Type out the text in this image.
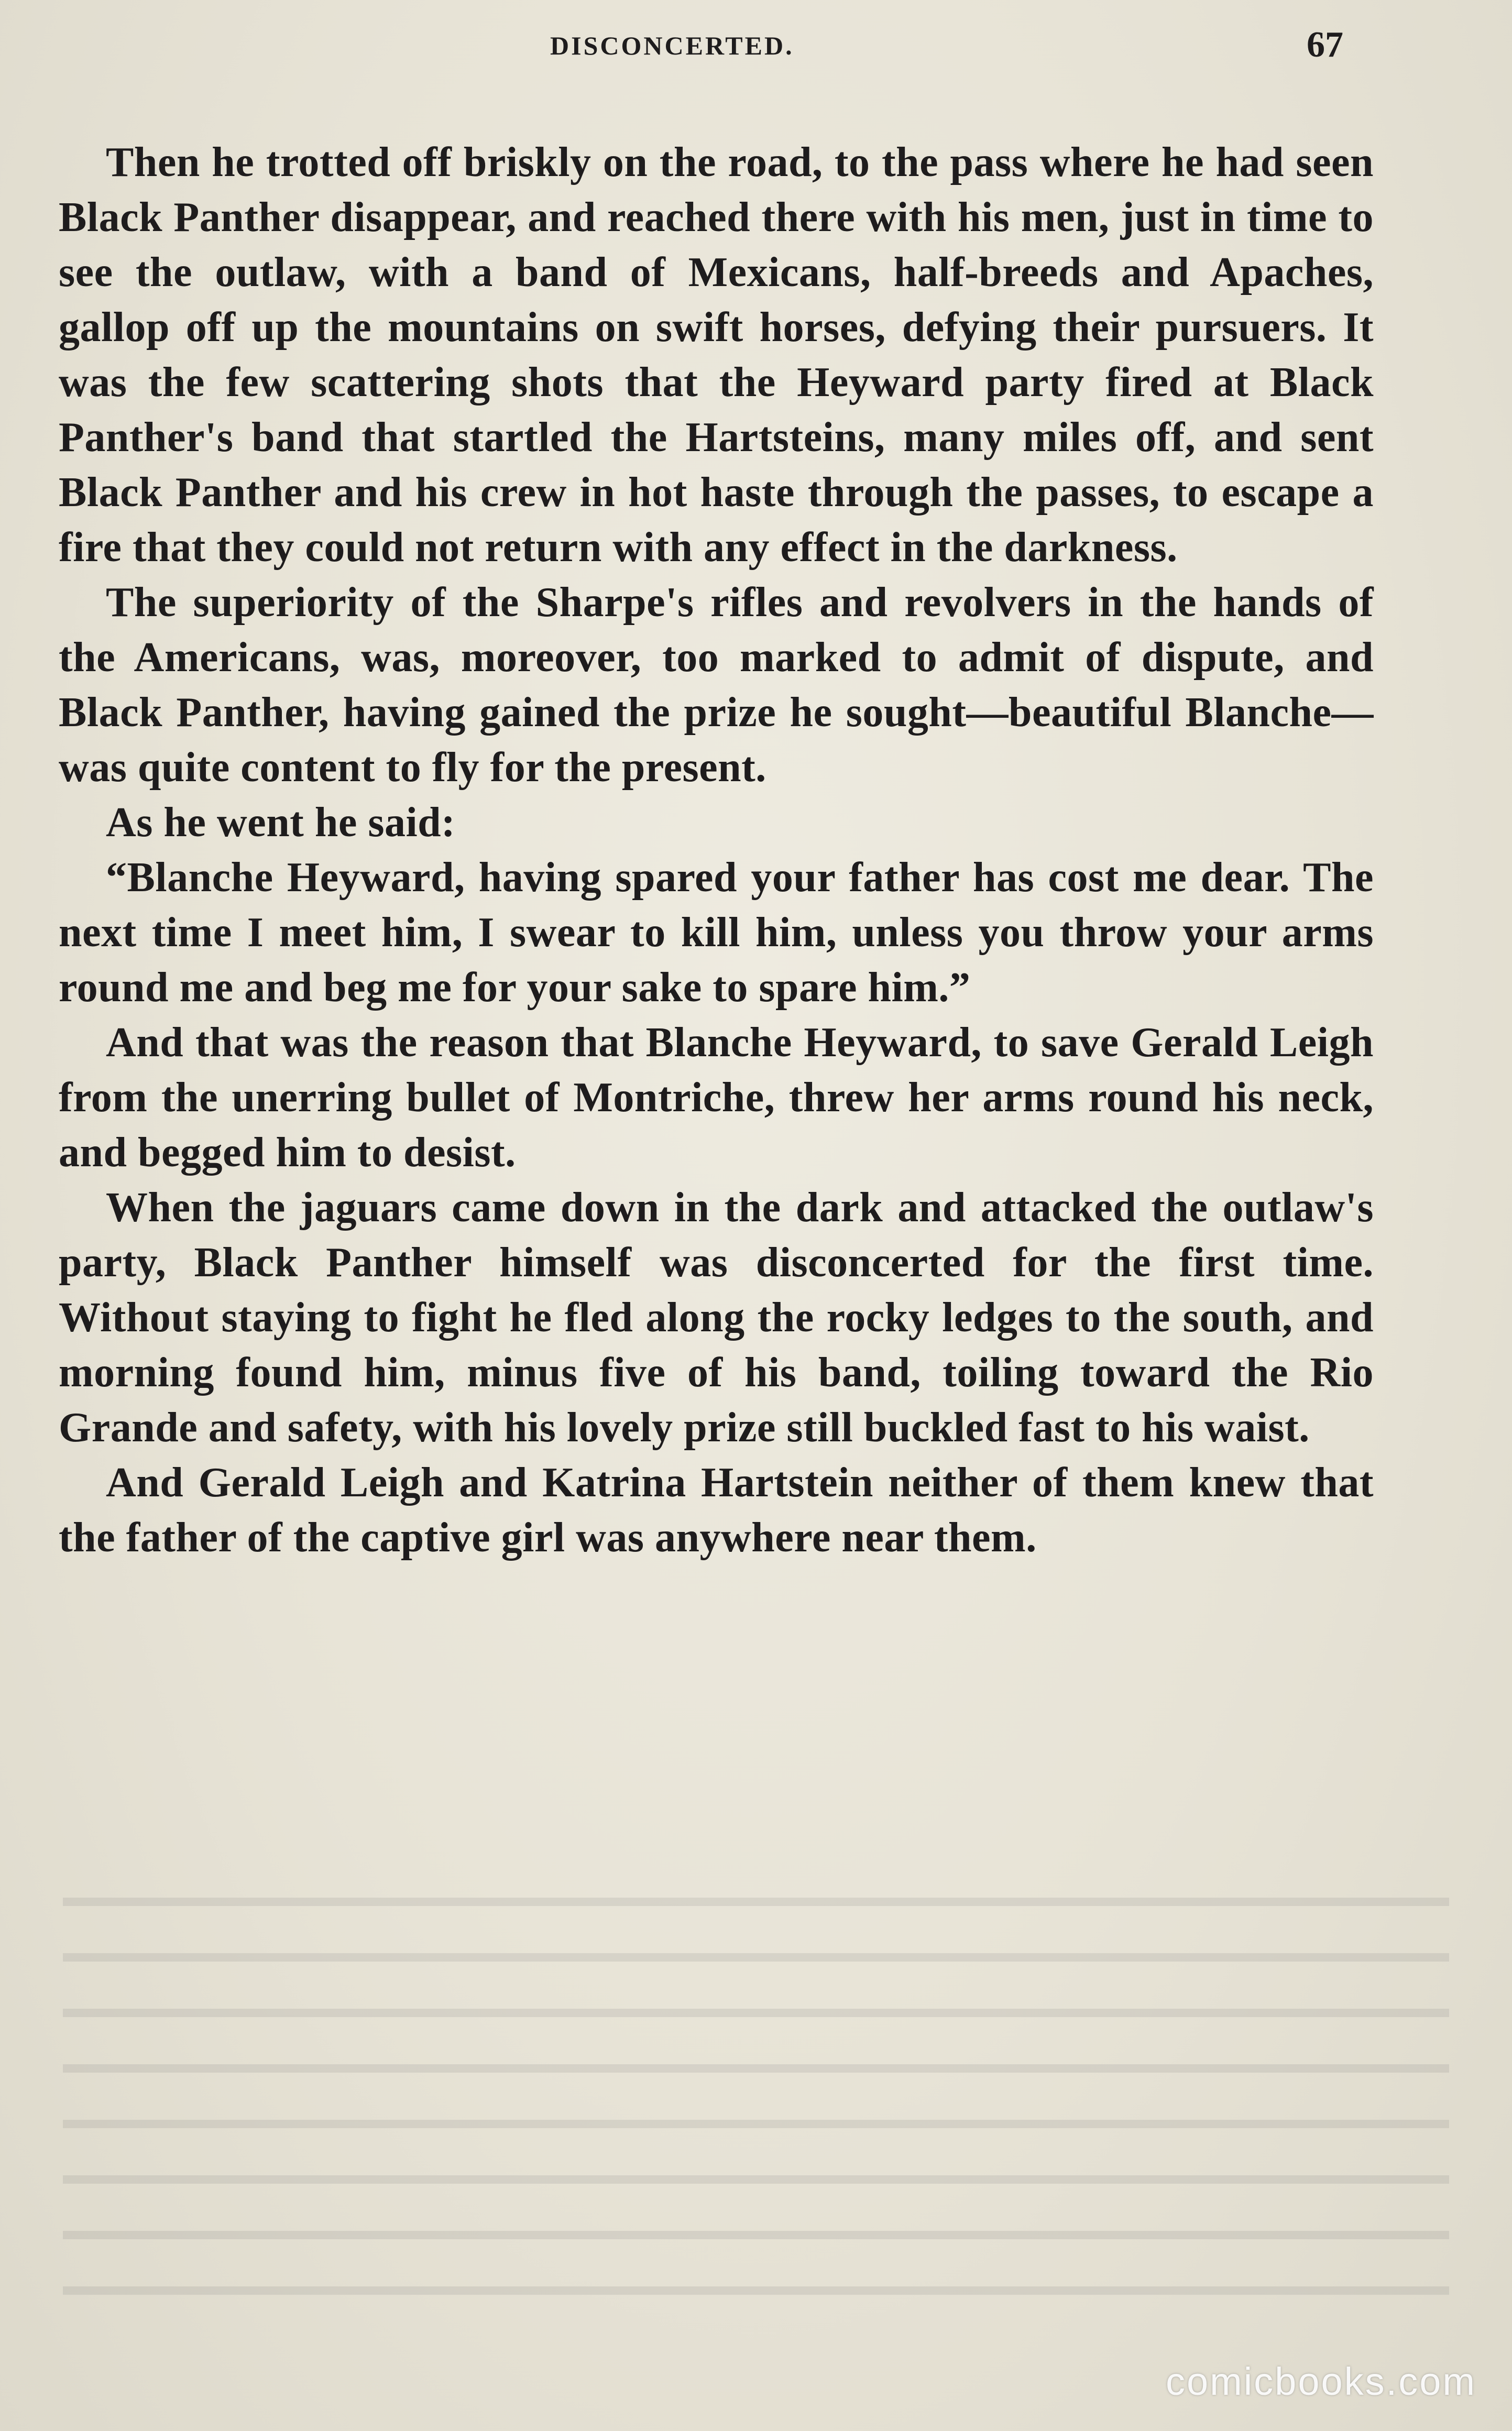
DISCONCERTED.	67

Then he trotted off briskly on the road, to the pass where he had seen Black Panther disappear, and reached there with his men, just in time to see the outlaw, with a band of Mexicans, half-breeds and Apaches, gallop off up the mountains on swift horses, defying their pursuers. It was the few scattering shots that the Heyward party fired at Black Panther's band that startled the Hartsteins, many miles off, and sent Black Panther and his crew in hot haste through the passes, to escape a fire that they could not return with any effect in the darkness.

The superiority of the Sharpe's rifles and revolvers in the hands of the Americans, was, moreover, too marked to admit of dispute, and Black Panther, having gained the prize he sought—beautiful Blanche—was quite content to fly for the present.

As he went he said:

“Blanche Heyward, having spared your father has cost me dear. The next time I meet him, I swear to kill him, unless you throw your arms round me and beg me for your sake to spare him.”

And that was the reason that Blanche Heyward, to save Gerald Leigh from the unerring bullet of Montriche, threw her arms round his neck, and begged him to desist.

When the jaguars came down in the dark and attacked the outlaw's party, Black Panther himself was disconcerted for the first time. Without staying to fight he fled along the rocky ledges to the south, and morning found him, minus five of his band, toiling toward the Rio Grande and safety, with his lovely prize still buckled fast to his waist.

And Gerald Leigh and Katrina Hartstein neither of them knew that the father of the captive girl was anywhere near them.

comicbooks.com
